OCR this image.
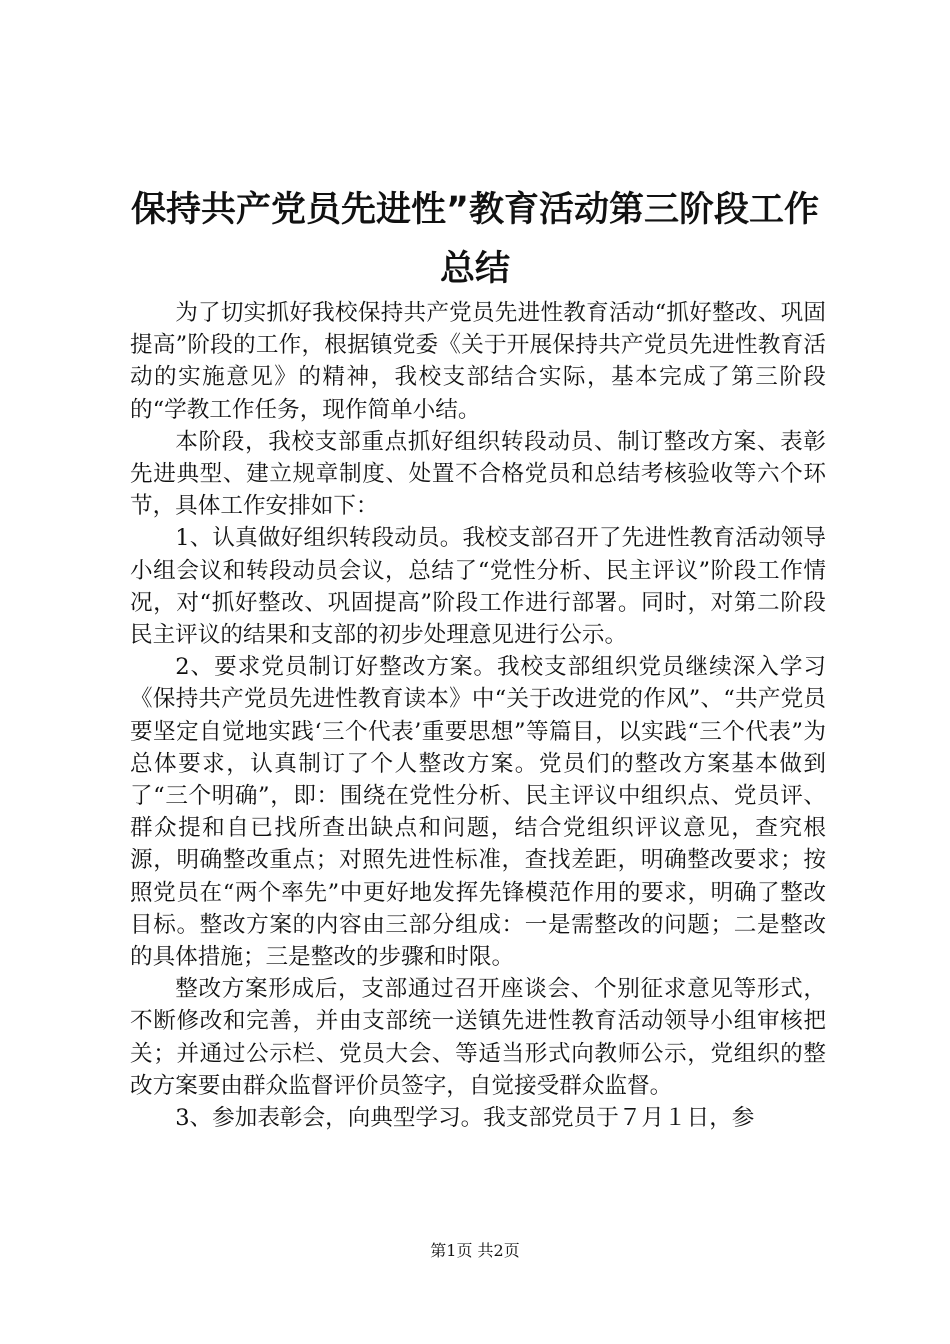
保持共产党员先进性”教育活动第三阶段工作
总结

为了切实抓好我校保持共产党员先进性教育活动“抓好整改、巩固提高”阶段的工作，根据镇党委《关于开展保持共产党员先进性教育活动的实施意见》的精神，我校支部结合实际，基本完成了第三阶段的“学教工作任务，现作简单小结。

本阶段，我校支部重点抓好组织转段动员、制订整改方案、表彰先进典型、建立规章制度、处置不合格党员和总结考核验收等六个环节，具体工作安排如下：

1、认真做好组织转段动员。我校支部召开了先进性教育活动领导小组会议和转段动员会议，总结了“党性分析、民主评议”阶段工作情况，对“抓好整改、巩固提高”阶段工作进行部署。同时，对第二阶段民主评议的结果和支部的初步处理意见进行公示。

2、要求党员制订好整改方案。我校支部组织党员继续深入学习《保持共产党员先进性教育读本》中“关于改进党的作风”、“共产党员要坚定自觉地实践‘三个代表’重要思想”等篇目，以实践“三个代表”为总体要求，认真制订了个人整改方案。党员们的整改方案基本做到了“三个明确”，即：围绕在党性分析、民主评议中组织点、党员评、群众提和自已找所查出缺点和问题，结合党组织评议意见，查究根源，明确整改重点；对照先进性标准，查找差距，明确整改要求；按照党员在“两个率先”中更好地发挥先锋模范作用的要求，明确了整改目标。整改方案的内容由三部分组成：一是需整改的问题；二是整改的具体措施；三是整改的步骤和时限。

整改方案形成后，支部通过召开座谈会、个别征求意见等形式，不断修改和完善，并由支部统一送镇先进性教育活动领导小组审核把关；并通过公示栏、党员大会、等适当形式向教师公示，党组织的整改方案要由群众监督评价员签字，自觉接受群众监督。

3、参加表彰会，向典型学习。我支部党员于７月１日，参

第1页 共2页
